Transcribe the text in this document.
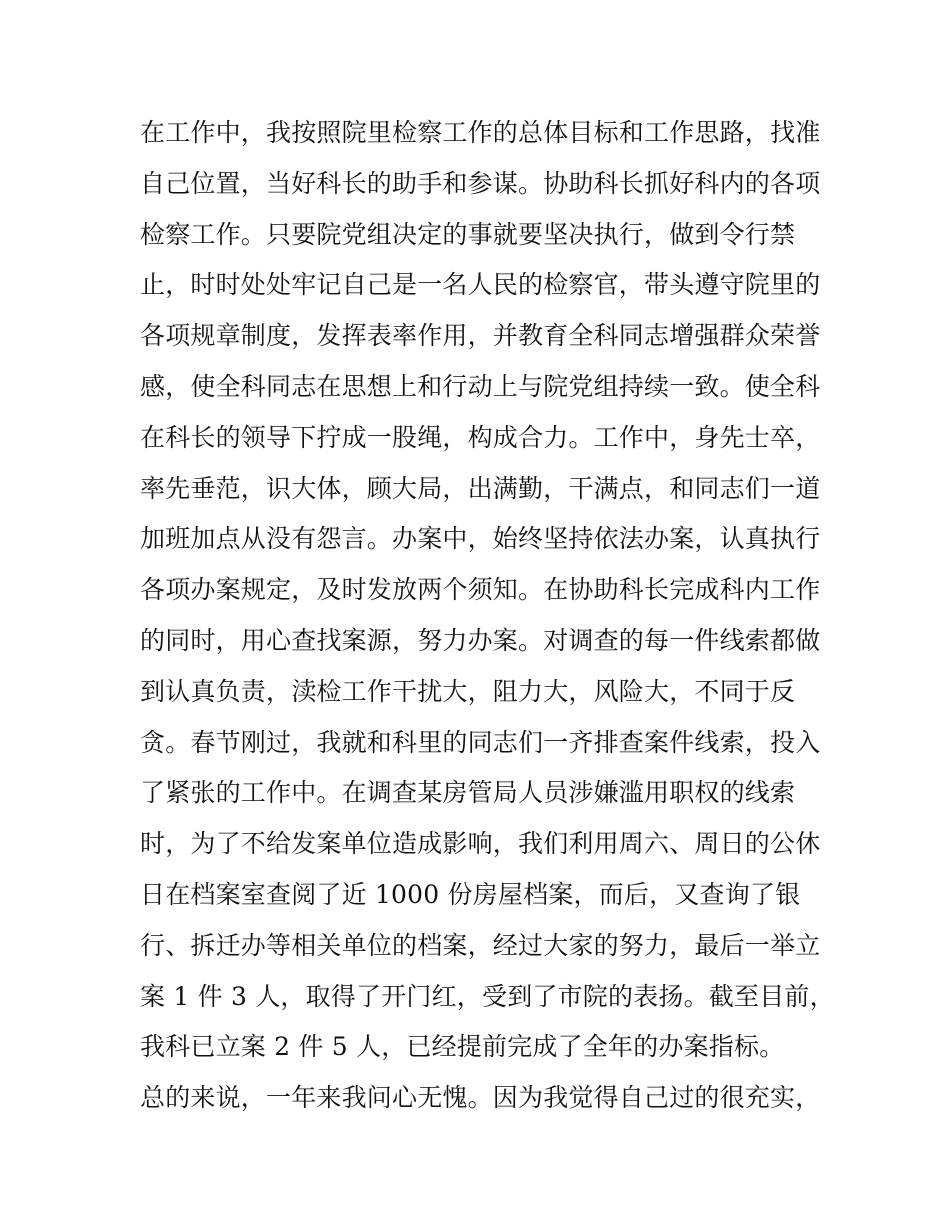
在工作中，我按照院里检察工作的总体目标和工作思路，找准
自己位置，当好科长的助手和参谋。协助科长抓好科内的各项
检察工作。只要院党组决定的事就要坚决执行，做到令行禁
止，时时处处牢记自己是一名人民的检察官，带头遵守院里的
各项规章制度，发挥表率作用，并教育全科同志增强群众荣誉
感，使全科同志在思想上和行动上与院党组持续一致。使全科
在科长的领导下拧成一股绳，构成合力。工作中，身先士卒，
率先垂范，识大体，顾大局，出满勤，干满点，和同志们一道
加班加点从没有怨言。办案中，始终坚持依法办案，认真执行
各项办案规定，及时发放两个须知。在协助科长完成科内工作
的同时，用心查找案源，努力办案。对调查的每一件线索都做
到认真负责，渎检工作干扰大，阻力大，风险大，不同于反
贪。春节刚过，我就和科里的同志们一齐排查案件线索，投入
了紧张的工作中。在调查某房管局人员涉嫌滥用职权的线索
时，为了不给发案单位造成影响，我们利用周六、周日的公休
日在档案室查阅了近 1000 份房屋档案，而后，又查询了银
行、拆迁办等相关单位的档案，经过大家的努力，最后一举立
案 1 件 3 人，取得了开门红，受到了市院的表扬。截至目前，
我科已立案 2 件 5 人，已经提前完成了全年的办案指标。
总的来说，一年来我问心无愧。因为我觉得自己过的很充实，
